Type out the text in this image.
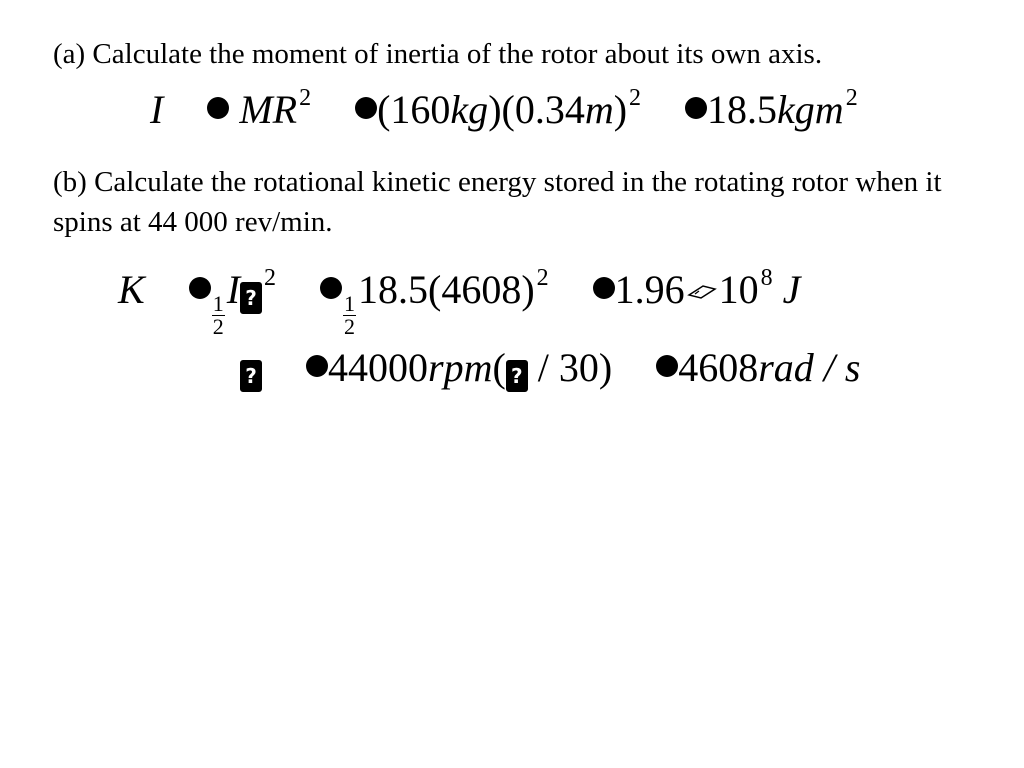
(a) Calculate the moment of inertia of the rotor about its own axis.

I $MR^2$ $(160kg)(0.34m)^2$ 18.5kgm$^2$

(b) Calculate the rotational kinetic energy stored in the rotating rotor when it spins at 44 000 rev/min.

K
$\frac{1}{2}$
I ?$^2$
$\frac{1}{2}$
$18.5(4608)^2$ 1.96 $10^8$ J
? 44000rpm( ? / 30) 4608rad / s
